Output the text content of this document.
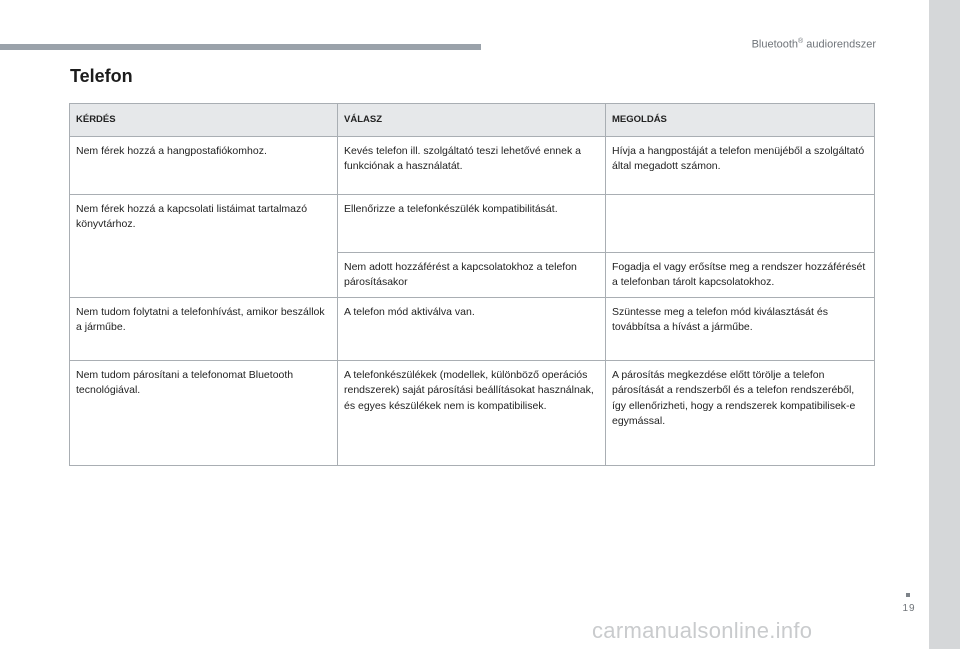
Bluetooth® audiorendszer
Telefon
KÉRDÉS	VÁLASZ	MEGOLDÁS
Nem férek hozzá a hangpostafiókomhoz.	Kevés telefon ill. szolgáltató teszi lehetővé ennek a funkciónak a használatát.	Hívja a hangpostáját a telefon menüjéből a szolgáltató által megadott számon.
Nem férek hozzá a kapcsolati listáimat tartalmazó könyvtárhoz.	Ellenőrizze a telefonkészülék kompatibilitását.	
	Nem adott hozzáférést a kapcsolatokhoz a telefon párosításakor	Fogadja el vagy erősítse meg a rendszer hozzáférését a telefonban tárolt kapcsolatokhoz.
Nem tudom folytatni a telefonhívást, amikor beszállok a járműbe.	A telefon mód aktiválva van.	Szüntesse meg a telefon mód kiválasztását és továbbítsa a hívást a járműbe.
Nem tudom párosítani a telefonomat Bluetooth tecnológiával.	A telefonkészülékek (modellek, különböző operációs rendszerek) saját párosítási beállításokat használnak, és egyes készülékek nem is kompatibilisek.	A párosítás megkezdése előtt törölje a telefon párosítását a rendszerből és a telefon rendszeréből, így ellenőrizheti, hogy a rendszerek kompatibilisek-e egymással.
19
carmanualsonline.info
